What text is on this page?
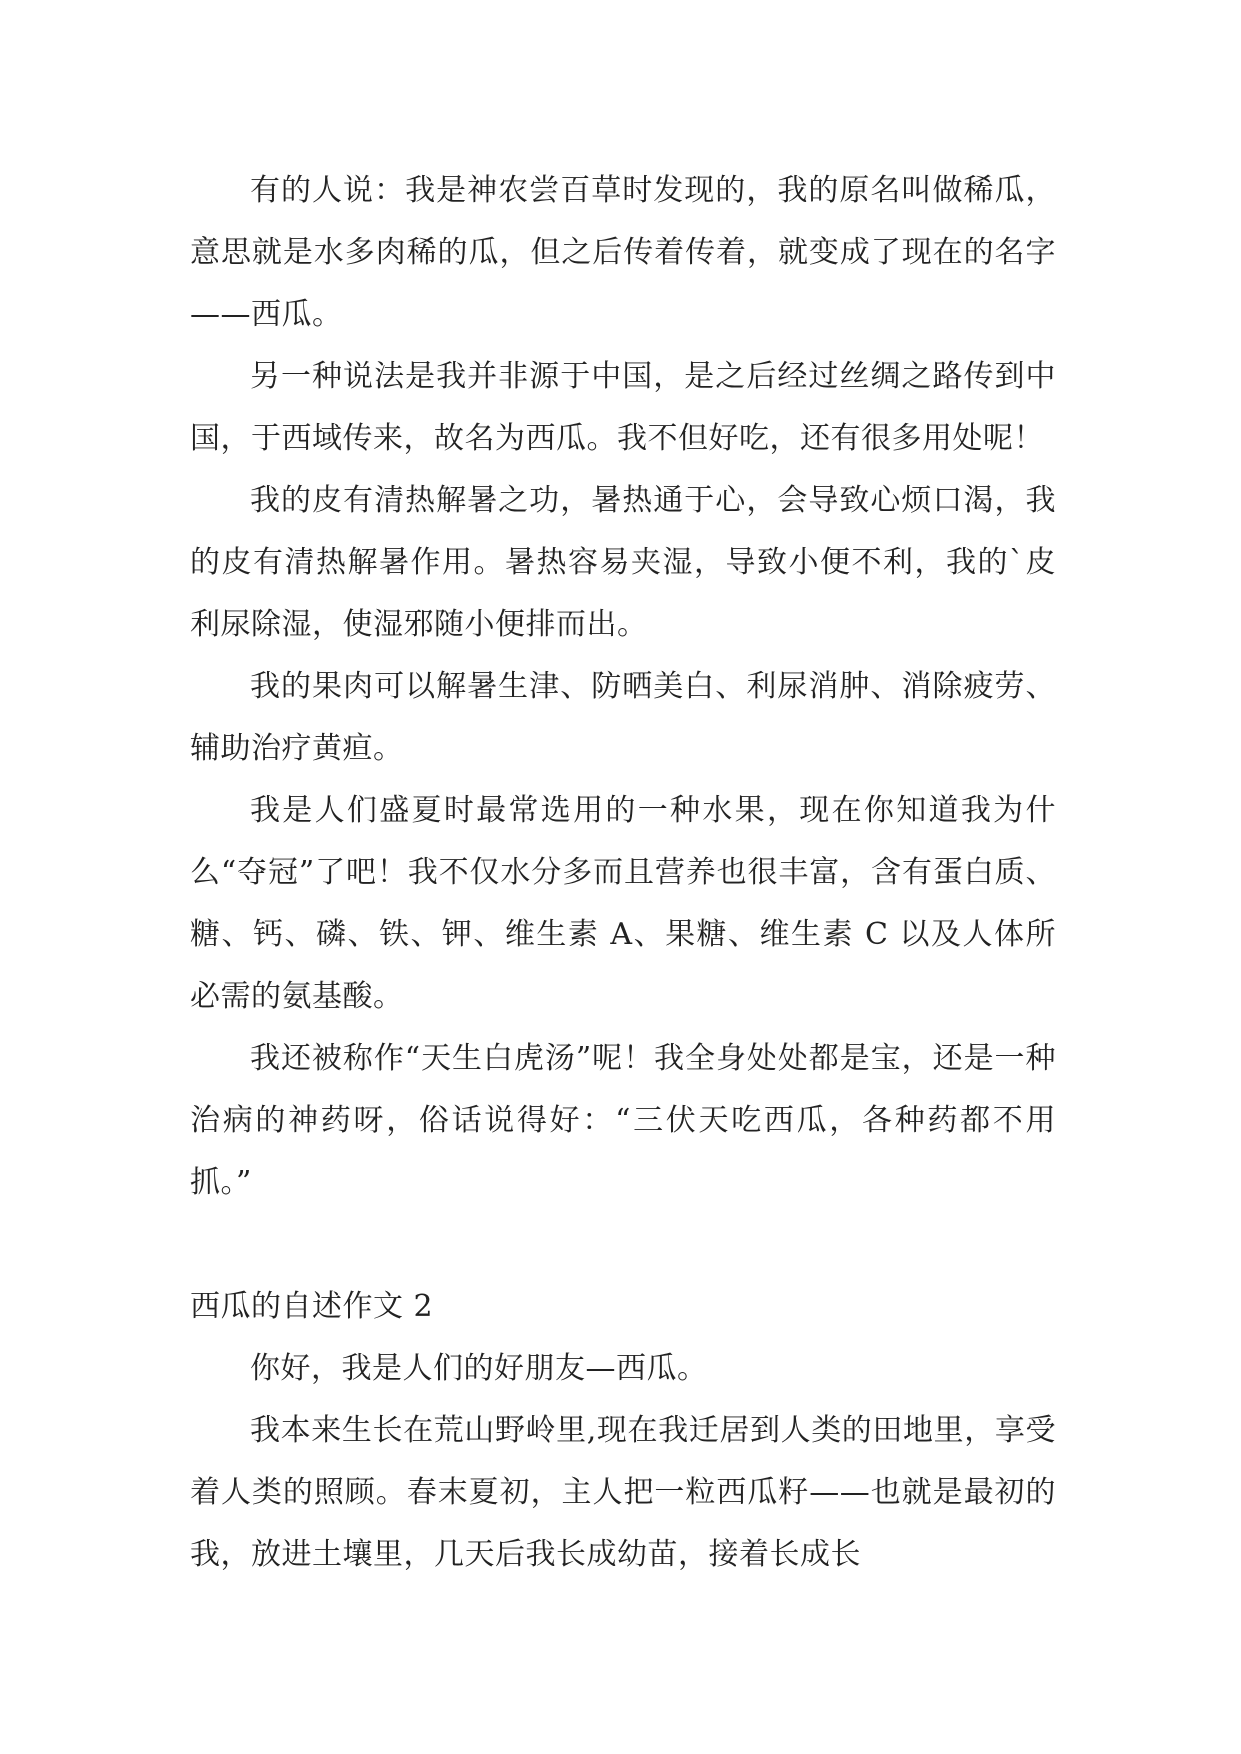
有的人说：我是神农尝百草时发现的，我的原名叫做稀瓜，意思就是水多肉稀的瓜，但之后传着传着，就变成了现在的名字——西瓜。

另一种说法是我并非源于中国，是之后经过丝绸之路传到中国，于西域传来，故名为西瓜。我不但好吃，还有很多用处呢！

我的皮有清热解暑之功，暑热通于心，会导致心烦口渴，我的皮有清热解暑作用。暑热容易夹湿，导致小便不利，我的`皮利尿除湿，使湿邪随小便排而出。

我的果肉可以解暑生津、防晒美白、利尿消肿、消除疲劳、辅助治疗黄疸。

我是人们盛夏时最常选用的一种水果，现在你知道我为什么“夺冠”了吧！我不仅水分多而且营养也很丰富，含有蛋白质、糖、钙、磷、铁、钾、维生素 A、果糖、维生素 C 以及人体所必需的氨基酸。

我还被称作“天生白虎汤”呢！我全身处处都是宝，还是一种治病的神药呀，俗话说得好：“三伏天吃西瓜，各种药都不用抓。”

西瓜的自述作文 2

你好，我是人们的好朋友—西瓜。

我本来生长在荒山野岭里,现在我迁居到人类的田地里，享受着人类的照顾。春末夏初，主人把一粒西瓜籽——也就是最初的我，放进土壤里，几天后我长成幼苗，接着长成长
